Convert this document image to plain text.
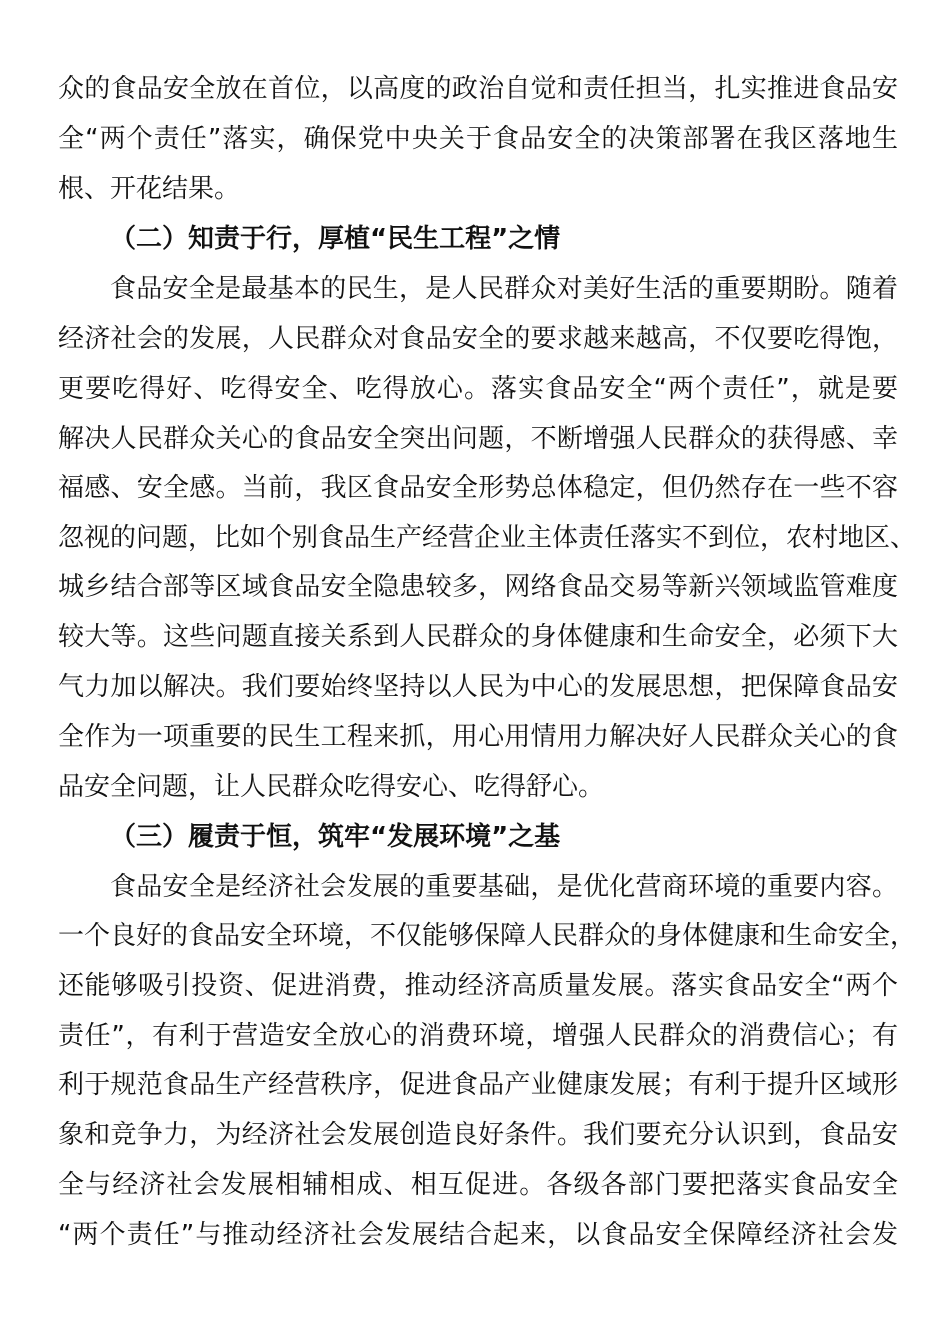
众的食品安全放在首位，以高度的政治自觉和责任担当，扎实推进食品安
全“两个责任”落实，确保党中央关于食品安全的决策部署在我区落地生
根、开花结果。
（二）知责于行，厚植“民生工程”之情
食品安全是最基本的民生，是人民群众对美好生活的重要期盼。随着
经济社会的发展，人民群众对食品安全的要求越来越高，不仅要吃得饱，
更要吃得好、吃得安全、吃得放心。落实食品安全“两个责任”，就是要
解决人民群众关心的食品安全突出问题，不断增强人民群众的获得感、幸
福感、安全感。当前，我区食品安全形势总体稳定，但仍然存在一些不容
忽视的问题，比如个别食品生产经营企业主体责任落实不到位，农村地区、
城乡结合部等区域食品安全隐患较多，网络食品交易等新兴领域监管难度
较大等。这些问题直接关系到人民群众的身体健康和生命安全，必须下大
气力加以解决。我们要始终坚持以人民为中心的发展思想，把保障食品安
全作为一项重要的民生工程来抓，用心用情用力解决好人民群众关心的食
品安全问题，让人民群众吃得安心、吃得舒心。
（三）履责于恒，筑牢“发展环境”之基
食品安全是经济社会发展的重要基础，是优化营商环境的重要内容。
一个良好的食品安全环境，不仅能够保障人民群众的身体健康和生命安全，
还能够吸引投资、促进消费，推动经济高质量发展。落实食品安全“两个
责任”，有利于营造安全放心的消费环境，增强人民群众的消费信心；有
利于规范食品生产经营秩序，促进食品产业健康发展；有利于提升区域形
象和竞争力，为经济社会发展创造良好条件。我们要充分认识到，食品安
全与经济社会发展相辅相成、相互促进。各级各部门要把落实食品安全
“两个责任”与推动经济社会发展结合起来，以食品安全保障经济社会发
